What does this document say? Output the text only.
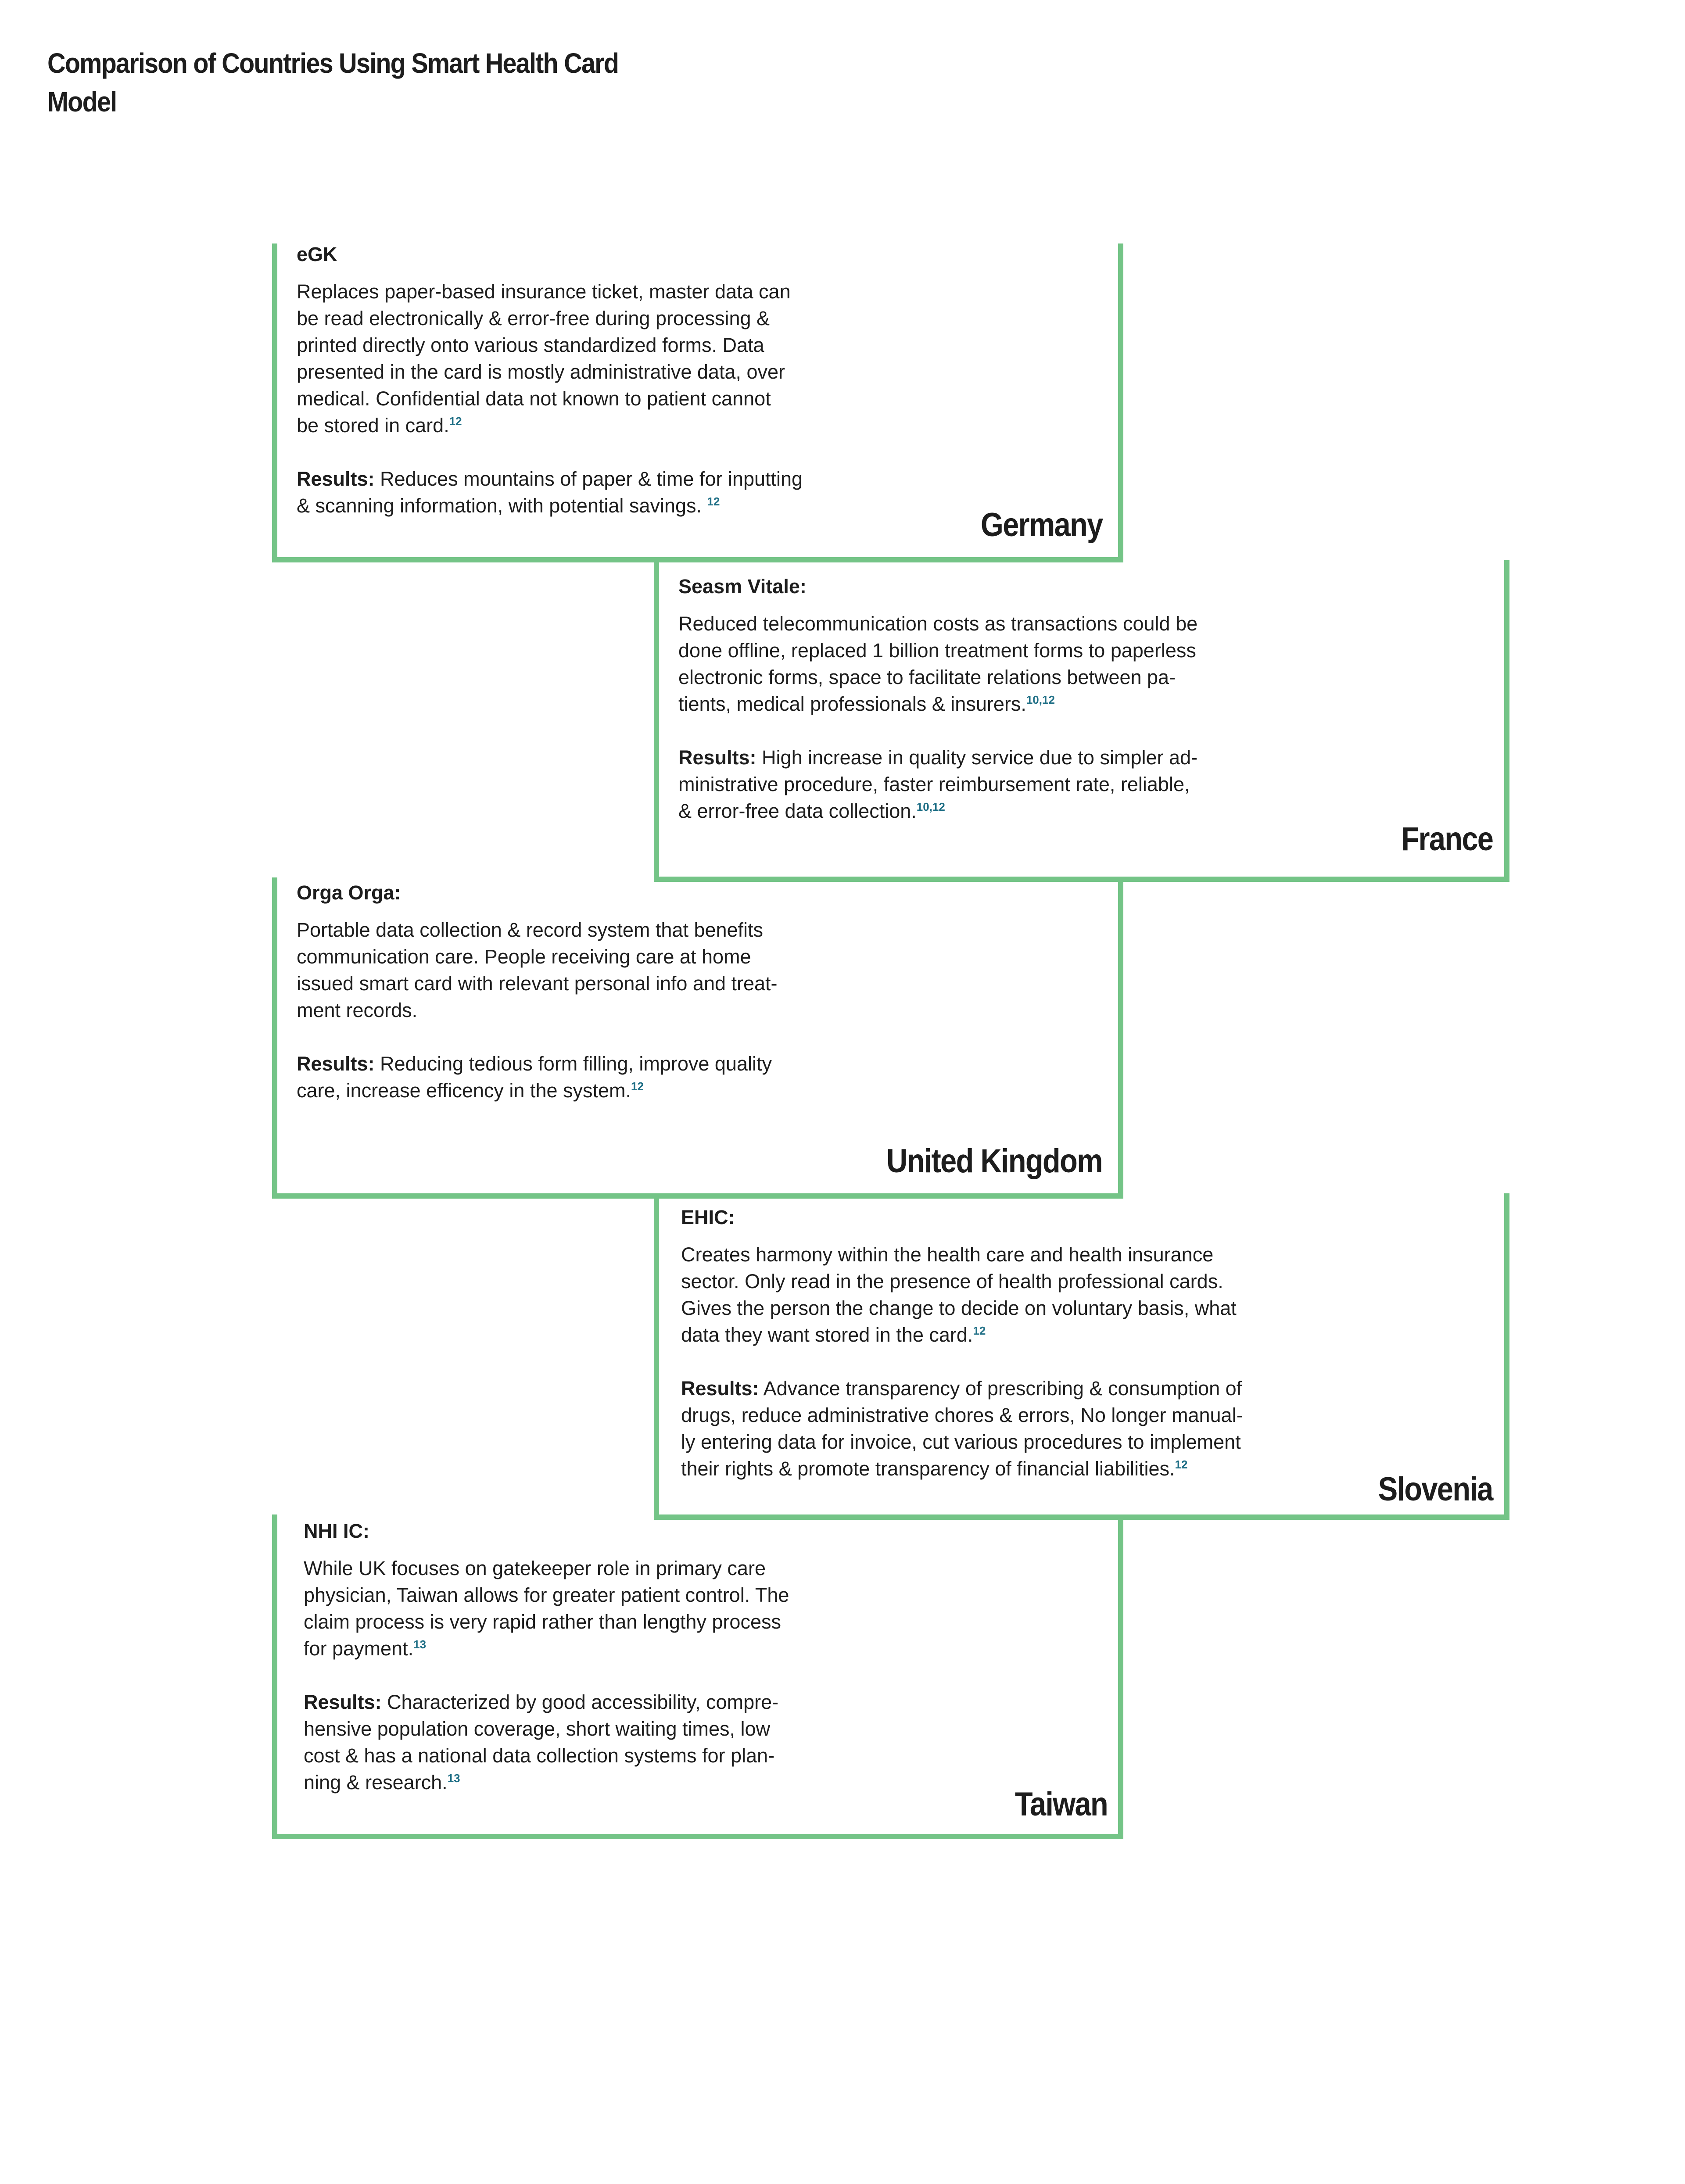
Comparison of Countries Using Smart Health Card Model
eGK
Replaces paper-based insurance ticket, master data can
be read electronically & error-free during processing &
printed directly onto various standardized forms. Data
presented in the card is mostly administrative data, over
medical. Confidential data not known to patient cannot
be stored in card.$^{12}$
Results: Reduces mountains of paper & time for inputting
& scanning information, with potential savings. $^{12}$
Germany
Seasm Vitale:
Reduced telecommunication costs as transactions could be
done offline, replaced 1 billion treatment forms to paperless
electronic forms, space to facilitate relations between pa-
tients, medical professionals & insurers.$^{10,12}$
Results: High increase in quality service due to simpler ad-
ministrative procedure, faster reimbursement rate, reliable,
& error-free data collection.$^{10,12}$
France
Orga Orga:
Portable data collection & record system that benefits
communication care. People receiving care at home
issued smart card with relevant personal info and treat-
ment records.
Results: Reducing tedious form filling, improve quality
care, increase efficency in the system.$^{12}$
United Kingdom
EHIC:
Creates harmony within the health care and health insurance
sector. Only read in the presence of health professional cards.
Gives the person the change to decide on voluntary basis, what
data they want stored in the card.$^{12}$
Results: Advance transparency of prescribing & consumption of
drugs, reduce administrative chores & errors, No longer manual-
ly entering data for invoice, cut various procedures to implement
their rights & promote transparency of financial liabilities.$^{12}$
Slovenia
NHI IC:
While UK focuses on gatekeeper role in primary care
physician, Taiwan allows for greater patient control. The
claim process is very rapid rather than lengthy process
for payment.$^{13}$
Results: Characterized by good accessibility, compre-
hensive population coverage, short waiting times, low
cost & has a national data collection systems for plan-
ning & research.$^{13}$
Taiwan
